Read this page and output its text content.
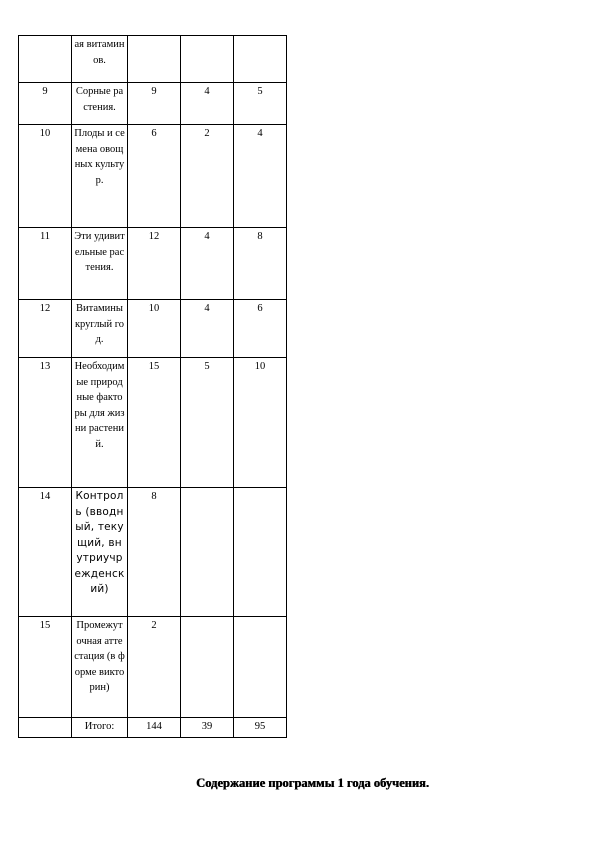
	ая витаминов.			
9	Сорные растения.	9	4	5
10	Плоды и семена овощных культур.	6	2	4
11	Эти удивительные растения.	12	4	8
12	Витамины круглый год.	10	4	6
13	Необходимые природные факторы для жизни растений.	15	5	10
14	Контроль (вводный, текущий, внутриучрежденский)	8		
15	Промежуточная аттестация (в форме викторин)	2		
	Итого:	144	39	95
Содержание программы 1 года обучения.
